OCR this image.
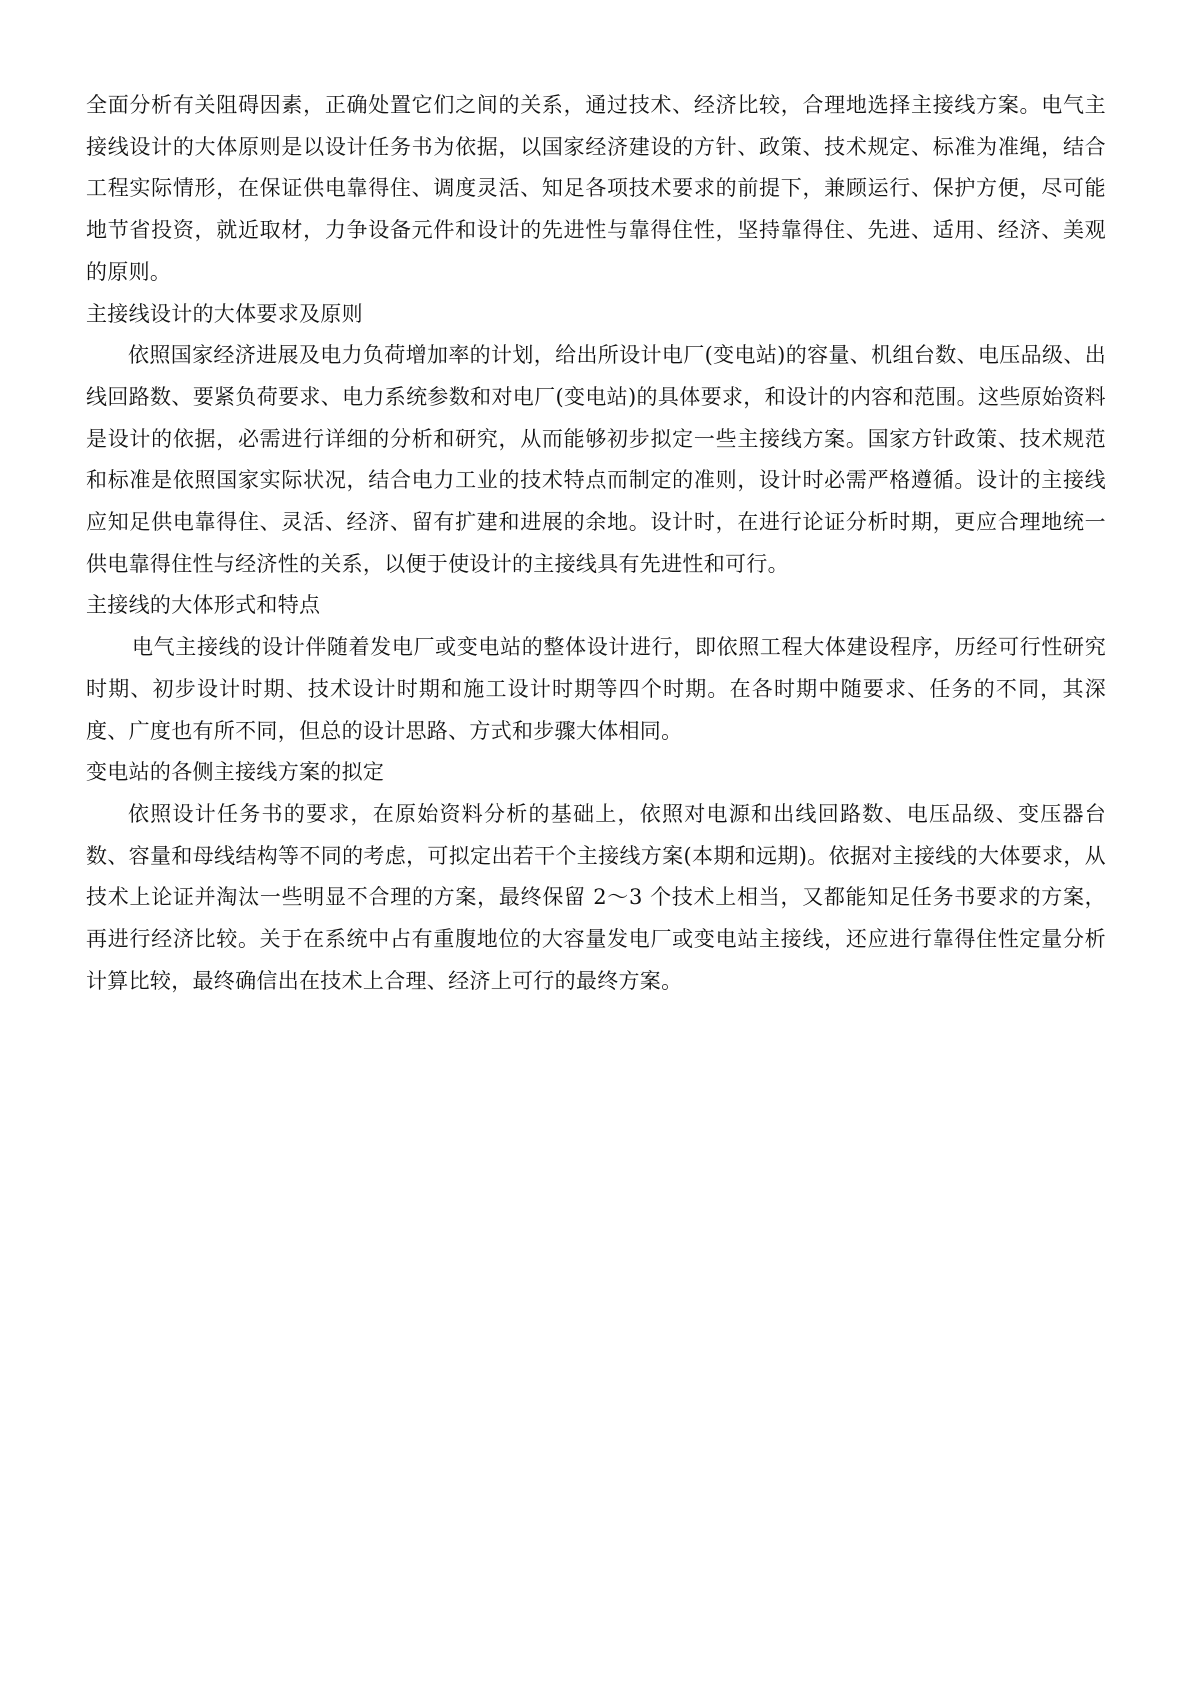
全面分析有关阻碍因素，正确处置它们之间的关系，通过技术、经济比较，合理地选择主接线方案。电气主接线设计的大体原则是以设计任务书为依据，以国家经济建设的方针、政策、技术规定、标准为准绳，结合工程实际情形，在保证供电靠得住、调度灵活、知足各项技术要求的前提下，兼顾运行、保护方便，尽可能地节省投资，就近取材，力争设备元件和设计的先进性与靠得住性，坚持靠得住、先进、适用、经济、美观的原则。

主接线设计的大体要求及原则

依照国家经济进展及电力负荷增加率的计划，给出所设计电厂(变电站)的容量、机组台数、电压品级、出线回路数、要紧负荷要求、电力系统参数和对电厂(变电站)的具体要求，和设计的内容和范围。这些原始资料是设计的依据，必需进行详细的分析和研究，从而能够初步拟定一些主接线方案。国家方针政策、技术规范和标准是依照国家实际状况，结合电力工业的技术特点而制定的准则，设计时必需严格遵循。设计的主接线应知足供电靠得住、灵活、经济、留有扩建和进展的余地。设计时，在进行论证分析时期，更应合理地统一供电靠得住性与经济性的关系，以便于使设计的主接线具有先进性和可行。

主接线的大体形式和特点

电气主接线的设计伴随着发电厂或变电站的整体设计进行，即依照工程大体建设程序，历经可行性研究时期、初步设计时期、技术设计时期和施工设计时期等四个时期。在各时期中随要求、任务的不同，其深度、广度也有所不同，但总的设计思路、方式和步骤大体相同。

变电站的各侧主接线方案的拟定

依照设计任务书的要求，在原始资料分析的基础上，依照对电源和出线回路数、电压品级、变压器台数、容量和母线结构等不同的考虑，可拟定出若干个主接线方案(本期和远期)。依据对主接线的大体要求，从技术上论证并淘汰一些明显不合理的方案，最终保留 2～3 个技术上相当，又都能知足任务书要求的方案，再进行经济比较。关于在系统中占有重腹地位的大容量发电厂或变电站主接线，还应进行靠得住性定量分析计算比较，最终确信出在技术上合理、经济上可行的最终方案。
